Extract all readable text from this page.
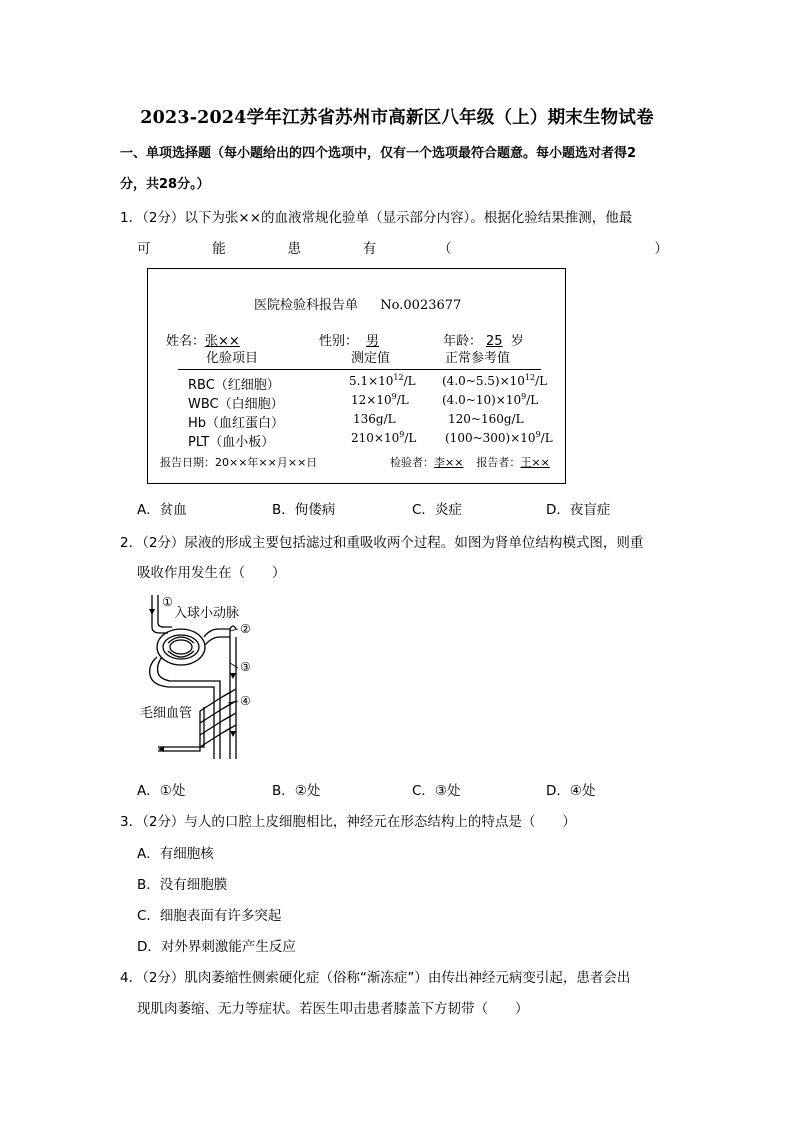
2023-2024学年江苏省苏州市高新区八年级（上）期末生物试卷
一、单项选择题（每小题给出的四个选项中，仅有一个选项最符合题意。每小题选对者得2
分，共28分。）
1．（2分）以下为张××的血液常规化验单（显示部分内容）。根据化验结果推测，他最
可	能	患	有	（	）
医院检验科报告单 No.0023677
姓名：张××	性别： 男	年龄： 25 岁
化验项目	测定值	正常参考值
RBC（红细胞）	$5.1\times 10^{12}/L$ $(4.0\sim 5.5)\times 10^{12}/L$
WBC（白细胞）	$12\times 10^9/L$	$(4.0\sim 10)\times 10^9/L$
Hb（血红蛋白）	136g/L	120~160g/L
PLT（血小板）	$210\times 10^9/L$ $(100\sim 300)\times 10^9/L$
报告日期：20××年××月××日	检验者：李×× 报告者：王××
A．贫血	B．佝偻病	C．炎症	D．夜盲症
2．（2分）尿液的形成主要包括滤过和重吸收两个过程。如图为肾单位结构模式图，则重
吸收作用发生在（　　）
①
入球小动脉
②
③
④
毛细血管
A．①处	B．②处	C．③处	D．④处
3．（2分）与人的口腔上皮细胞相比，神经元在形态结构上的特点是（　　）
A．有细胞核
B．没有细胞膜
C．细胞表面有许多突起
D．对外界刺激能产生反应
4．（2分）肌肉萎缩性侧索硬化症（俗称“渐冻症”）由传出神经元病变引起，患者会出
现肌肉萎缩、无力等症状。若医生叩击患者膝盖下方韧带（　　）
